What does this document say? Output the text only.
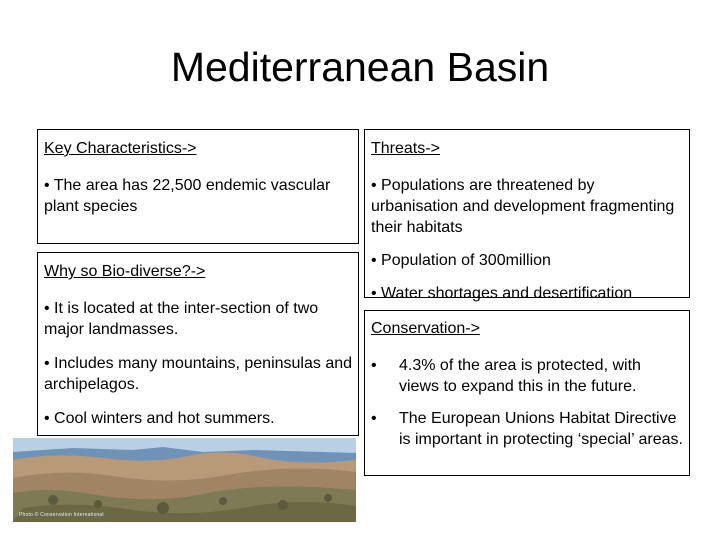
Mediterranean Basin
Key Characteristics->
• The area has 22,500 endemic vascular plant species
Why so Bio-diverse?->
• It is located at the inter-section of two major landmasses.
• Includes many mountains, peninsulas and archipelagos.
• Cool winters and hot summers.
Threats->
• Populations are threatened by urbanisation and development fragmenting their habitats
• Population of 300million
• Water shortages and desertification
Conservation->
•	4.3% of the area is protected, with views to expand this in the future.
•	The European Unions Habitat Directive is important in protecting ‘special’ areas.
Photo © Conservation International
